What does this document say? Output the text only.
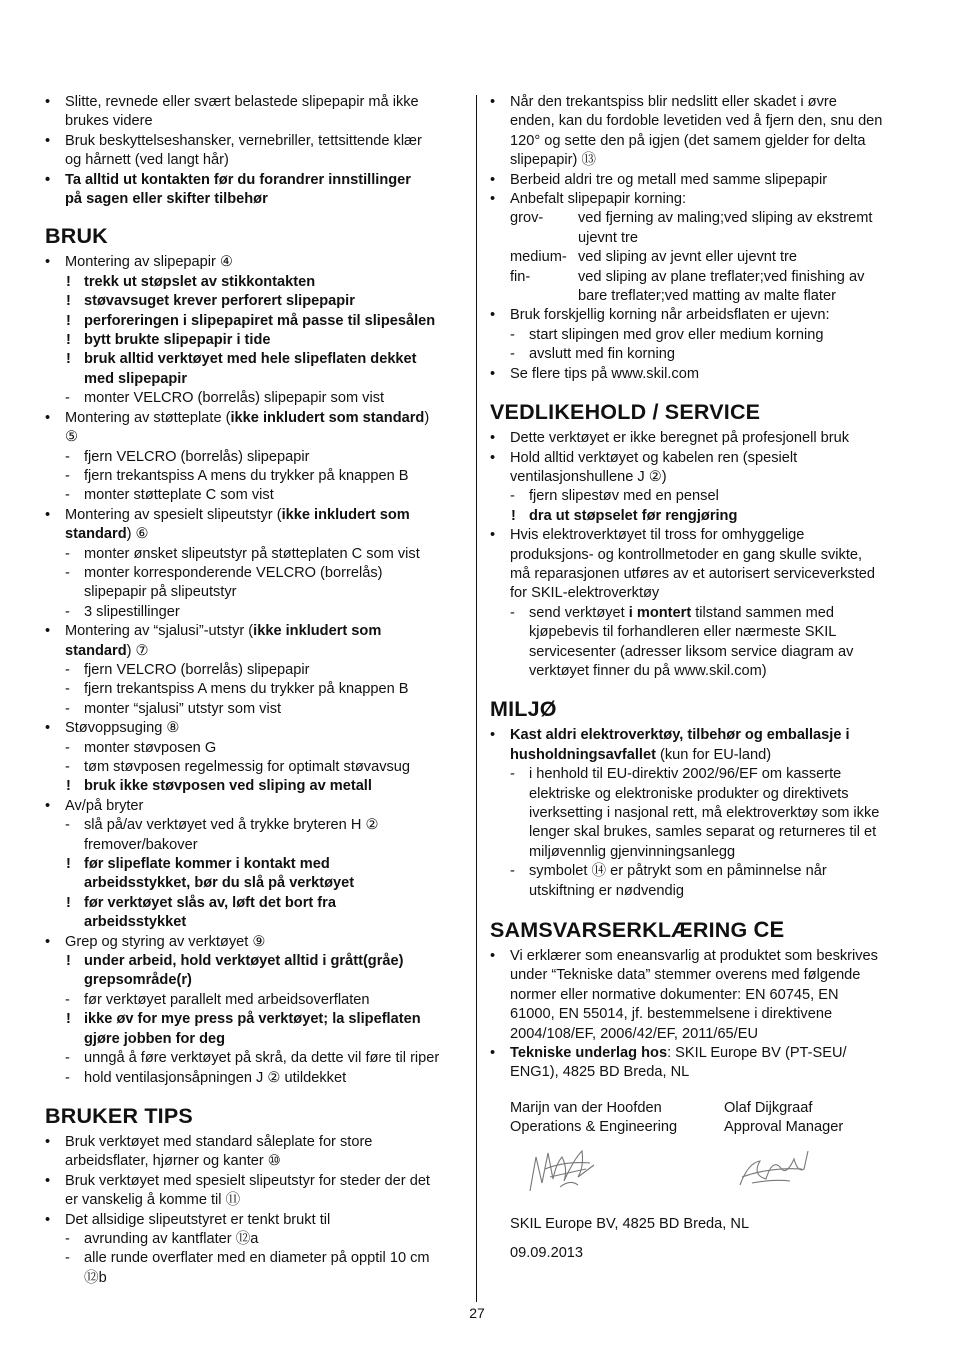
• Slitte, revnede eller svært belastede slipepapir må ikke
brukes videre
• Bruk beskyttelseshansker, vernebriller, tettsittende klær
og hårnett (ved langt hår)
• Ta alltid ut kontakten før du forandrer innstillinger
på sagen eller skifter tilbehør
BRUK
• Montering av slipepapir ④
! trekk ut støpslet av stikkontakten
! støvavsuget krever perforert slipepapir
! perforeringen i slipepapiret må passe til slipesålen
! bytt brukte slipepapir i tide
! bruk alltid verktøyet med hele slipeflaten dekket
med slipepapir
- monter VELCRO (borrelås) slipepapir som vist
• Montering av støtteplate (ikke inkludert som standard)
⑤
- fjern VELCRO (borrelås) slipepapir
- fjern trekantspiss A mens du trykker på knappen B
- monter støtteplate C som vist
• Montering av spesielt slipeutstyr (ikke inkludert som
standard) ⑥
- monter ønsket slipeutstyr på støtteplaten C som vist
- monter korresponderende VELCRO (borrelås)
slipepapir på slipeutstyr
- 3 slipestillinger
• Montering av “sjalusi”-utstyr (ikke inkludert som
standard) ⑦
- fjern VELCRO (borrelås) slipepapir
- fjern trekantspiss A mens du trykker på knappen B
- monter “sjalusi” utstyr som vist
• Støvoppsuging ⑧
- monter støvposen G
- tøm støvposen regelmessig for optimalt støvavsug
! bruk ikke støvposen ved sliping av metall
• Av/på bryter
- slå på/av verktøyet ved å trykke bryteren H ②
fremover/bakover
! før slipeflate kommer i kontakt med
arbeidsstykket, bør du slå på verktøyet
! før verktøyet slås av, løft det bort fra
arbeidsstykket
• Grep og styring av verktøyet ⑨
! under arbeid, hold verktøyet alltid i grått(gråe)
grepsområde(r)
- før verktøyet parallelt med arbeidsoverflaten
! ikke øv for mye press på verktøyet; la slipeflaten
gjøre jobben for deg
- unngå å føre verktøyet på skrå, da dette vil føre til riper
- hold ventilasjonsåpningen J ② utildekket
BRUKER TIPS
• Bruk verktøyet med standard såleplate for store
arbeidsflater, hjørner og kanter ⑩
• Bruk verktøyet med spesielt slipeutstyr for steder der det
er vanskelig å komme til ⑪
• Det allsidige slipeutstyret er tenkt brukt til
- avrunding av kantflater ⑫a
- alle runde overflater med en diameter på opptil 10 cm
⑫b
• Når den trekantspiss blir nedslitt eller skadet i øvre
enden, kan du fordoble levetiden ved å fjern den, snu den
120° og sette den på igjen (det samem gjelder for delta
slipepapir) ⑬
• Berbeid aldri tre og metall med samme slipepapir
• Anbefalt slipepapir korning:
grov- ved fjerning av maling;ved sliping av ekstremt
ujevnt tre
medium- ved sliping av jevnt eller ujevnt tre
fin-	ved sliping av plane treflater;ved finishing av
bare treflater;ved matting av malte flater
• Bruk forskjellig korning når arbeidsflaten er ujevn:
- start slipingen med grov eller medium korning
- avslutt med fin korning
• Se flere tips på www.skil.com
VEDLIKEHOLD / SERVICE
• Dette verktøyet er ikke beregnet på profesjonell bruk
• Hold alltid verktøyet og kabelen ren (spesielt
ventilasjonshullene J ②)
- fjern slipestøv med en pensel
! dra ut støpselet før rengjøring
• Hvis elektroverktøyet til tross for omhyggelige
produksjons- og kontrollmetoder en gang skulle svikte,
må reparasjonen utføres av et autorisert serviceverksted
for SKIL-elektroverktøy
- send verktøyet i montert tilstand sammen med
kjøpebevis til forhandleren eller nærmeste SKIL
servicesenter (adresser liksom service diagram av
verktøyet finner du på www.skil.com)
MILJØ
• Kast aldri elektroverktøy, tilbehør og emballasje i
husholdningsavfallet (kun for EU-land)
- i henhold til EU-direktiv 2002/96/EF om kasserte
elektriske og elektroniske produkter og direktivets
iverksetting i nasjonal rett, må elektroverktøy som ikke
lenger skal brukes, samles separat og returneres til et
miljøvennlig gjenvinningsanlegg
- symbolet ⑭ er påtrykt som en påminnelse når
utskiftning er nødvendig
SAMSVARSERKLÆRING CE
• Vi erklærer som eneansvarlig at produktet som beskrives
under “Tekniske data” stemmer overens med følgende
normer eller normative dokumenter: EN 60745, EN
61000, EN 55014, jf. bestemmelsene i direktivene
2004/108/EF, 2006/42/EF, 2011/65/EU
• Tekniske underlag hos: SKIL Europe BV (PT-SEU/
ENG1), 4825 BD Breda, NL
Marijn van der Hoofden
Operations & Engineering
Olaf Dijkgraaf
Approval Manager
SKIL Europe BV, 4825 BD Breda, NL
09.09.2013
27
